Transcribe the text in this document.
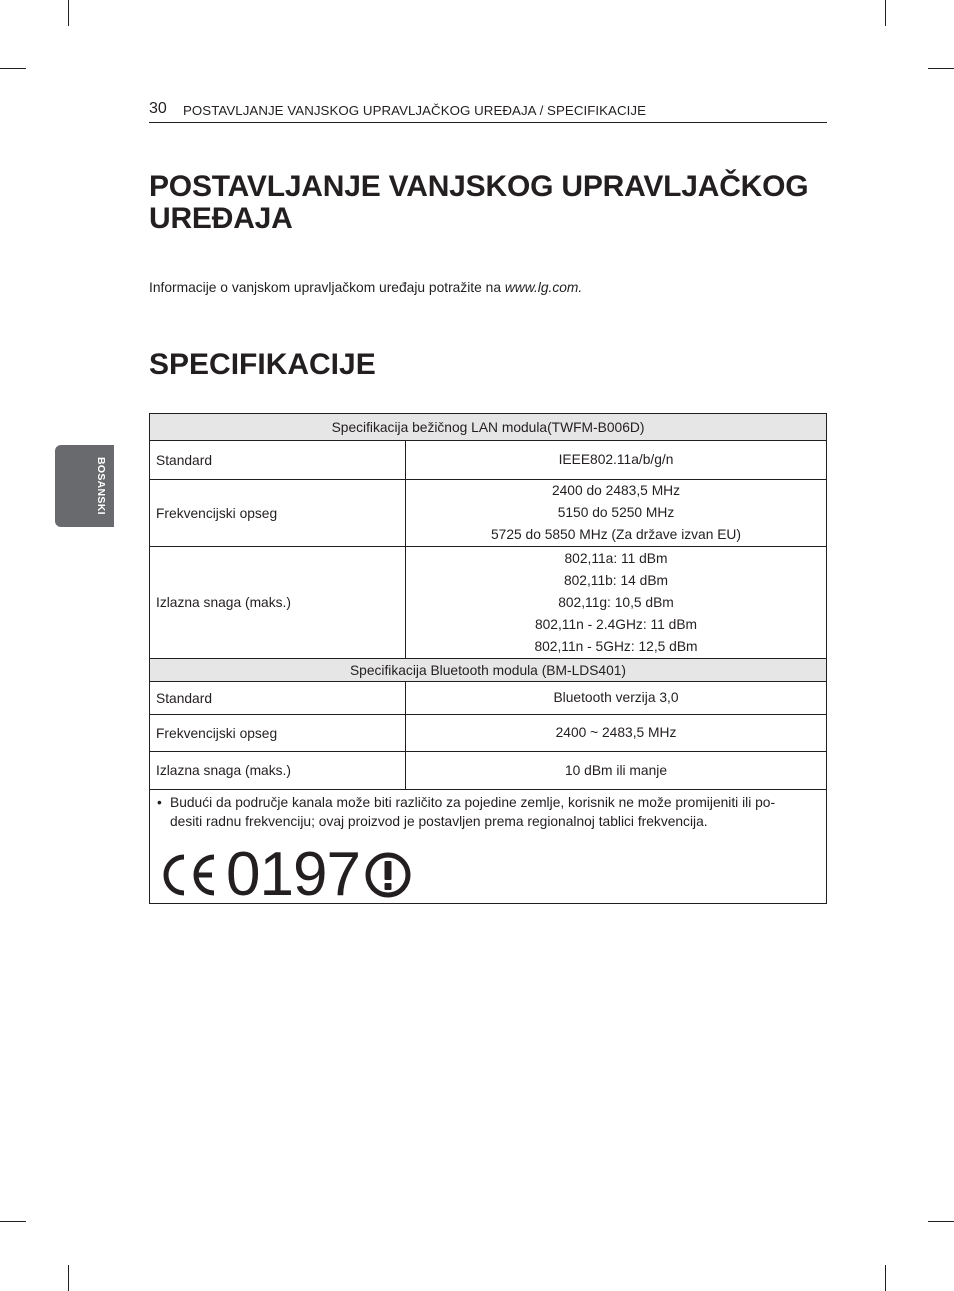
30 POSTAVLJANJE VANJSKOG UPRAVLJAČKOG UREĐAJA / SPECIFIKACIJE
BOSANSKI
POSTAVLJANJE VANJSKOG UPRAVLJAČKOG UREĐAJA

Informacije o vanjskom upravljačkom uređaju potražite na www.lg.com.

SPECIFIKACIJE
Specifikacija bežičnog LAN modula(TWFM-B006D)	
Standard	IEEE802.11a/b/g/n

Frekvencijski opseg	2400 do 2483,5 MHz
5150 do 5250 MHz
5725 do 5850 MHz (Za države izvan EU)

Izlazna snaga (maks.)	802,11a: 11 dBm
802,11b: 14 dBm
802,11g: 10,5 dBm
802,11n - 2.4GHz: 11 dBm
802,11n - 5GHz: 12,5 dBm

Specifikacija Bluetooth modula (BM-LDS401)	
Standard	Bluetooth verzija 3,0

Frekvencijski opseg	2400 ~ 2483,5 MHz

Izlazna snaga (maks.)	10 dBm ili manje

• Budući da područje kanala može biti različito za pojedine zemlje, korisnik ne može promijeniti ili po-desiti radnu frekvenciju; ovaj proizvod je postavljen prema regionalnoj tablici frekvencija.
0197	
